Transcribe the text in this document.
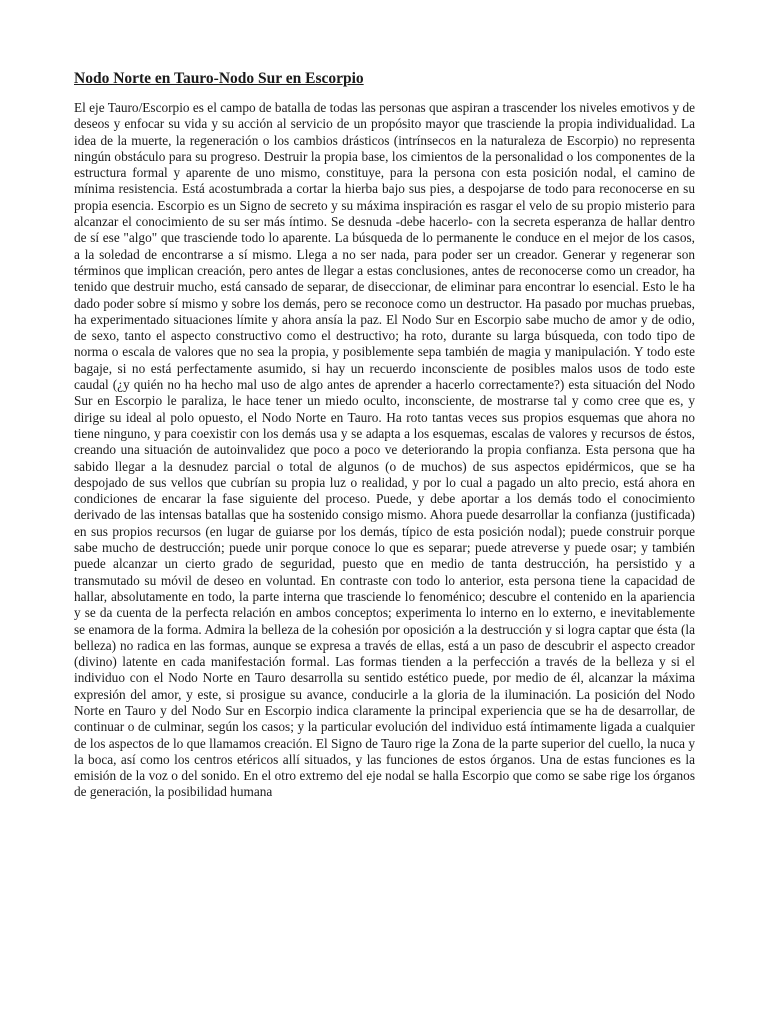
Nodo Norte en Tauro-Nodo Sur en Escorpio

El eje Tauro/Escorpio es el campo de batalla de todas las personas que aspiran a trascender los niveles emotivos y de deseos y enfocar su vida y su acción al servicio de un propósito mayor que trasciende la propia individualidad. La idea de la muerte, la regeneración o los cambios drásticos (intrínsecos en la naturaleza de Escorpio) no representa ningún obstáculo para su progreso. Destruir la propia base, los cimientos de la personalidad o los componentes de la estructura formal y aparente de uno mismo, constituye, para la persona con esta posición nodal, el camino de mínima resistencia. Está acostumbrada a cortar la hierba bajo sus pies, a despojarse de todo para reconocerse en su propia esencia. Escorpio es un Signo de secreto y su máxima inspiración es rasgar el velo de su propio misterio para alcanzar el conocimiento de su ser más íntimo. Se desnuda -debe hacerlo- con la secreta esperanza de hallar dentro de sí ese "algo" que trasciende todo lo aparente. La búsqueda de lo permanente le conduce en el mejor de los casos, a la soledad de encontrarse a sí mismo. Llega a no ser nada, para poder ser un creador. Generar y regenerar son términos que implican creación, pero antes de llegar a estas conclusiones, antes de reconocerse como un creador, ha tenido que destruir mucho, está cansado de separar, de diseccionar, de eliminar para encontrar lo esencial. Esto le ha dado poder sobre sí mismo y sobre los demás, pero se reconoce como un destructor. Ha pasado por muchas pruebas, ha experimentado situaciones límite y ahora ansía la paz. El Nodo Sur en Escorpio sabe mucho de amor y de odio, de sexo, tanto el aspecto constructivo como el destructivo; ha roto, durante su larga búsqueda, con todo tipo de norma o escala de valores que no sea la propia, y posiblemente sepa también de magia y manipulación. Y todo este bagaje, si no está perfectamente asumido, si hay un recuerdo inconsciente de posibles malos usos de todo este caudal (¿y quién no ha hecho mal uso de algo antes de aprender a hacerlo correctamente?) esta situación del Nodo Sur en Escorpio le paraliza, le hace tener un miedo oculto, inconsciente, de mostrarse tal y como cree que es, y dirige su ideal al polo opuesto, el Nodo Norte en Tauro. Ha roto tantas veces sus propios esquemas que ahora no tiene ninguno, y para coexistir con los demás usa y se adapta a los esquemas, escalas de valores y recursos de éstos, creando una situación de autoinvalidez que poco a poco ve deteriorando la propia confianza. Esta persona que ha sabido llegar a la desnudez parcial o total de algunos (o de muchos) de sus aspectos epidérmicos, que se ha despojado de sus vellos que cubrían su propia luz o realidad, y por lo cual a pagado un alto precio, está ahora en condiciones de encarar la fase siguiente del proceso. Puede, y debe aportar a los demás todo el conocimiento derivado de las intensas batallas que ha sostenido consigo mismo. Ahora puede desarrollar la confianza (justificada) en sus propios recursos (en lugar de guiarse por los demás, típico de esta posición nodal); puede construir porque sabe mucho de destrucción; puede unir porque conoce lo que es separar; puede atreverse y puede osar; y también puede alcanzar un cierto grado de seguridad, puesto que en medio de tanta destrucción, ha persistido y a transmutado su móvil de deseo en voluntad. En contraste con todo lo anterior, esta persona tiene la capacidad de hallar, absolutamente en todo, la parte interna que trasciende lo fenoménico; descubre el contenido en la apariencia y se da cuenta de la perfecta relación en ambos conceptos; experimenta lo interno en lo externo, e inevitablemente se enamora de la forma. Admira la belleza de la cohesión por oposición a la destrucción y si logra captar que ésta (la belleza) no radica en las formas, aunque se expresa a través de ellas, está a un paso de descubrir el aspecto creador (divino) latente en cada manifestación formal. Las formas tienden a la perfección a través de la belleza y si el individuo con el Nodo Norte en Tauro desarrolla su sentido estético puede, por medio de él, alcanzar la máxima expresión del amor, y este, si prosigue su avance, conducirle a la gloria de la iluminación. La posición del Nodo Norte en Tauro y del Nodo Sur en Escorpio indica claramente la principal experiencia que se ha de desarrollar, de continuar o de culminar, según los casos; y la particular evolución del individuo está íntimamente ligada a cualquier de los aspectos de lo que llamamos creación. El Signo de Tauro rige la Zona de la parte superior del cuello, la nuca y la boca, así como los centros etéricos allí situados, y las funciones de estos órganos. Una de estas funciones es la emisión de la voz o del sonido. En el otro extremo del eje nodal se halla Escorpio que como se sabe rige los órganos de generación, la posibilidad humana
